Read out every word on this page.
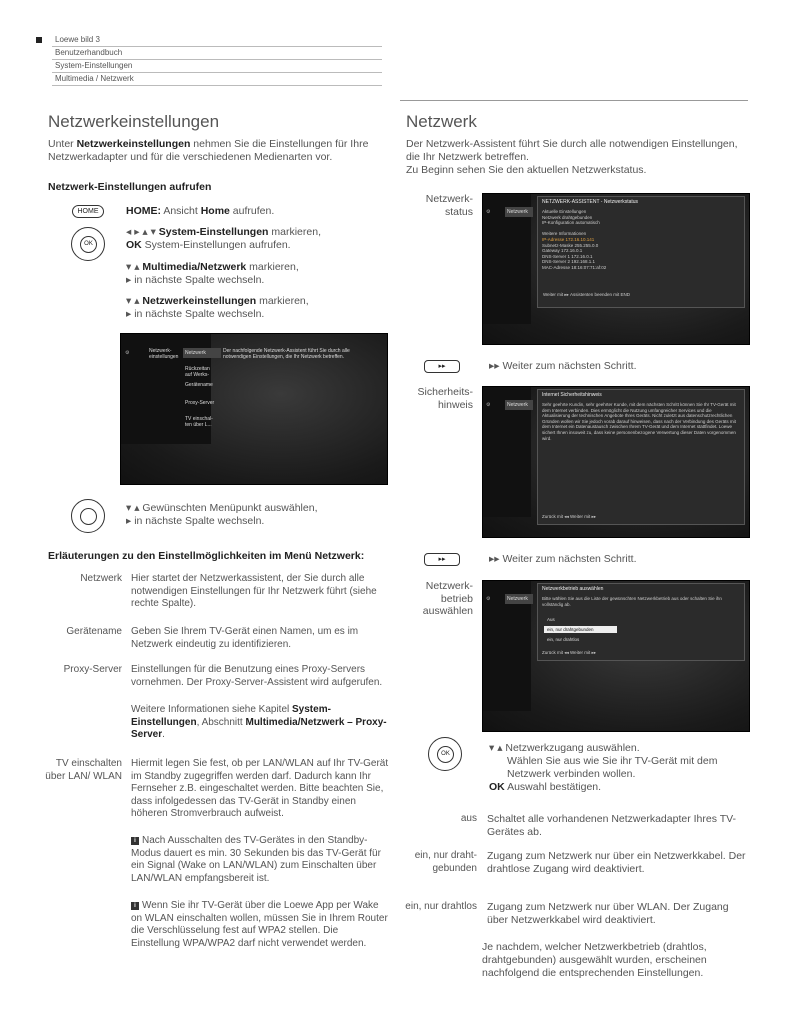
Loewe bild 3
Benutzerhandbuch
System-Einstellungen
Multimedia / Netzwerk
Netzwerkeinstellungen
Unter Netzwerkeinstellungen nehmen Sie die Einstellungen für Ihre Netzwerkadapter und für die verschiedenen Medienarten vor.
Netzwerk-Einstellungen aufrufen
HOME	HOME: Ansicht Home aufrufen.
OK
◂ ▸ ▴ ▾ System-Einstellungen markieren,
OK System-Einstellungen aufrufen.
▾ ▴ Multimedia/Netzwerk markieren,
▸ in nächste Spalte wechseln.
▾ ▴ Netzwerkeinstellungen markieren,
▸ in nächste Spalte wechseln.
⚙	Netzwerk-einstellungen
Netzwerk
Rückzeitan auf Werks-
Gerätename
Proxy-Server
TV einschal-ten über L...
Der nachfolgende Netzwerk-Assistent führt Sie durch alle notwendigen Einstellungen, die Ihr Netzwerk betreffen.
▾ ▴ Gewünschten Menüpunkt auswählen,
▸ in nächste Spalte wechseln.
Erläuterungen zu den Einstellmöglichkeiten im Menü Netzwerk:
Netzwerk Hier startet der Netzwerkassistent, der Sie durch alle notwendigen Einstellungen für Ihr Netzwerk führt (siehe rechte Spalte).
Gerätename Geben Sie Ihrem TV-Gerät einen Namen, um es im Netzwerk eindeutig zu identifizieren.
Proxy-Server Einstellungen für die Benutzung eines Proxy-Servers vornehmen. Der Proxy-Server-Assistent wird aufgerufen.
Weitere Informationen siehe Kapitel System-Einstellungen, Abschnitt Multimedia/Netzwerk – Proxy-Server.
TV einschalten über LAN/ WLAN
Hiermit legen Sie fest, ob per LAN/WLAN auf Ihr TV-Gerät im Standby zugegriffen werden darf. Dadurch kann Ihr Fernseher z.B. eingeschaltet werden. Bitte beachten Sie, dass infolgedessen das TV-Gerät in Standby einen höheren Stromverbrauch aufweist.
i Nach Ausschalten des TV-Gerätes in den Standby-Modus dauert es min. 30 Sekunden bis das TV-Gerät für ein Signal (Wake on LAN/WLAN) zum Einschalten über LAN/WLAN empfangsbereit ist.
i Wenn Sie ihr TV-Gerät über die Loewe App per Wake on WLAN einschalten wollen, müssen Sie in Ihrem Router die Verschlüsselung fest auf WPA2 stellen. Die Einstellung WPA/WPA2 darf nicht verwendet werden.
Netzwerk
Der Netzwerk-Assistent führt Sie durch alle notwendigen Einstellungen, die Ihr Netzwerk betreffen.
Zu Beginn sehen Sie den aktuellen Netzwerkstatus.
Netzwerk-status	⚙	Netzwerk
NETZWERK-ASSISTENT - Netzwerkstatus
Aktuelle Einstellungen
Netzwerk drahtgebunden
IP-Konfiguration automatisch

Weitere Informationen
IP-Adresse 172.16.10.141
Subnetz-Maske 255.255.0.0
Gateway 172.16.0.1
DNS-Server 1 172.16.0.1
DNS-Server 2 192.168.1.1
MAC-Adresse 18:16:07:71:af:02
Weiter mit ▸▸ Assistenten beenden mit END
▸▸	▸▸ Weiter zum nächsten Schritt.
Sicherheits-hinweis	⚙	Netzwerk
Internet Sicherheitshinweis
Sehr geehrte Kundin, sehr geehrter Kunde, mit dem nächsten Schritt können Sie Ihr TV-Gerät mit dem Internet verbinden. Dies ermöglicht die Nutzung umfangreicher Services und die Aktualisierung der technischen Angebote Ihres Geräts. Nicht zuletzt aus datenschutzrechtlichen Gründen wollen wir Sie jedoch vorab darauf hinweisen, dass nach der Verbindung des Geräts mit dem Internet ein Datenaustausch zwischen Ihrem TV-Gerät und dem Internet stattfindet. Loewe sichert Ihnen insoweit zu, dass keine personenbezogene Verwertung dieser Daten vorgenommen wird.
Zurück mit ◂◂ Weiter mit ▸▸
▸▸	▸▸ Weiter zum nächsten Schritt.
Netzwerk-betrieb auswählen
⚙	Netzwerk
Netzwerkbetrieb auswählen
Bitte wählen Sie aus die Liste der gewünschten Netzwerkbetrieb aus oder schalten Sie ihn vollständig ab.
Aus
ein, nur drahtgebunden
ein, nur drahtlos
Zurück mit ◂◂ Weiter mit ▸▸
OK	▾ ▴ Netzwerkzugang auswählen.

Wählen Sie aus wie Sie ihr TV-Gerät mit dem Netzwerk verbinden wollen.
OK Auswahl bestätigen.
aus Schaltet alle vorhandenen Netzwerkadapter Ihres TV-Gerätes ab.
ein, nur draht-gebunden
Zugang zum Netzwerk nur über ein Netzwerkkabel. Der drahtlose Zugang wird deaktiviert.
ein, nur drahtlos Zugang zum Netzwerk nur über WLAN. Der Zugang über Netzwerkkabel wird deaktiviert.
Je nachdem, welcher Netzwerkbetrieb (drahtlos, drahtgebunden) ausgewählt wurden, erscheinen nachfolgend die entsprechenden Einstellungen.
